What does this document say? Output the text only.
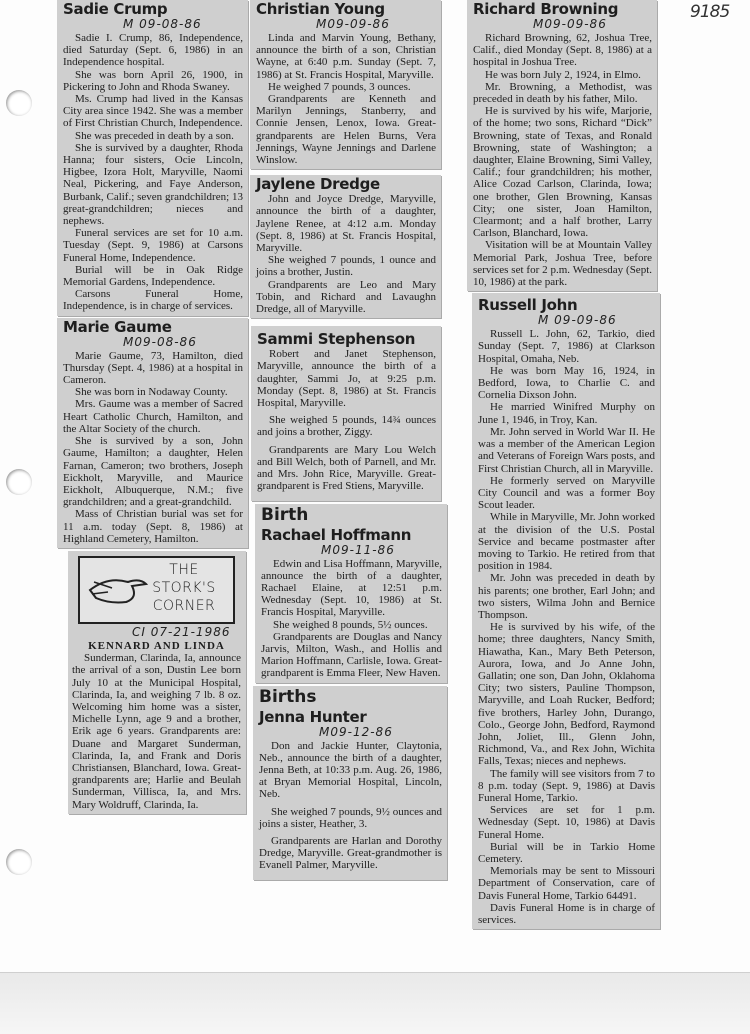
9185
Sadie Crump
M 09-08-86

Sadie I. Crump, 86, Independence, died Saturday (Sept. 6, 1986) in an Independence hospital.

She was born April 26, 1900, in Pickering to John and Rhoda Swaney.

Ms. Crump had lived in the Kansas City area since 1942. She was a member of First Christian Church, Independence.

She was preceded in death by a son.

She is survived by a daughter, Rhoda Hanna; four sisters, Ocie Lincoln, Higbee, Izora Holt, Maryville, Naomi Neal, Pickering, and Faye Anderson, Burbank, Calif.; seven grandchildren; 13 great-grandchildren; nieces and nephews.

Funeral services are set for 10 a.m. Tuesday (Sept. 9, 1986) at Carsons Funeral Home, Independence.

Burial will be in Oak Ridge Memorial Gardens, Independence.

Carsons Funeral Home, Independence, is in charge of services.

Marie Gaume
M09-08-86

Marie Gaume, 73, Hamilton, died Thursday (Sept. 4, 1986) at a hospital in Cameron.

She was born in Nodaway County.

Mrs. Gaume was a member of Sacred Heart Catholic Church, Hamilton, and the Altar Society of the church.

She is survived by a son, John Gaume, Hamilton; a daughter, Helen Farnan, Cameron; two brothers, Joseph Eickholt, Maryville, and Maurice Eickholt, Albuquerque, N.M.; five grandchildren; and a great-grandchild.

Mass of Christian burial was set for 11 a.m. today (Sept. 8, 1986) at Highland Cemetery, Hamilton.

THE STORK'S CORNER
CI 07-21-1986

KENNARD AND LINDA

Sunderman, Clarinda, Ia, announce the arrival of a son, Dustin Lee born July 10 at the Municipal Hospital, Clarinda, Ia, and weighing 7 lb. 8 oz. Welcoming him home was a sister, Michelle Lynn, age 9 and a brother, Erik age 6 years. Grandparents are: Duane and Margaret Sunderman, Clarinda, Ia, and Frank and Doris Christiansen, Blanchard, Iowa. Great-grandparents are; Harlie and Beulah Sunderman, Villisca, Ia, and Mrs. Mary Woldruff, Clarinda, Ia.

Christian Young
M09-09-86

Linda and Marvin Young, Bethany, announce the birth of a son, Christian Wayne, at 6:40 p.m. Sunday (Sept. 7, 1986) at St. Francis Hospital, Maryville.

He weighed 7 pounds, 3 ounces.

Grandparents are Kenneth and Marilyn Jennings, Stanberry, and Connie Jensen, Lenox, Iowa. Great-grandparents are Helen Burns, Vera Jennings, Wayne Jennings and Darlene Winslow.

Jaylene Dredge

John and Joyce Dredge, Maryville, announce the birth of a daughter, Jaylene Renee, at 4:12 a.m. Monday (Sept. 8, 1986) at St. Francis Hospital, Maryville.

She weighed 7 pounds, 1 ounce and joins a brother, Justin.

Grandparents are Leo and Mary Tobin, and Richard and Lavaughn Dredge, all of Maryville.

Sammi Stephenson

Robert and Janet Stephenson, Maryville, announce the birth of a daughter, Sammi Jo, at 9:25 p.m. Monday (Sept. 8, 1986) at St. Francis Hospital, Maryville.

She weighed 5 pounds, 14¾ ounces and joins a brother, Ziggy.

Grandparents are Mary Lou Welch and Bill Welch, both of Parnell, and Mr. and Mrs. John Rice, Maryville. Great-grandparent is Fred Stiens, Maryville.

Birth
Rachael Hoffmann
M09-11-86

Edwin and Lisa Hoffmann, Maryville, announce the birth of a daughter, Rachael Elaine, at 12:51 p.m. Wednesday (Sept. 10, 1986) at St. Francis Hospital, Maryville.

She weighed 8 pounds, 5½ ounces.

Grandparents are Douglas and Nancy Jarvis, Milton, Wash., and Hollis and Marion Hoffmann, Carlisle, Iowa. Great-grandparent is Emma Fleer, New Haven.

Births
Jenna Hunter
M09-12-86

Don and Jackie Hunter, Claytonia, Neb., announce the birth of a daughter, Jenna Beth, at 10:33 p.m. Aug. 26, 1986, at Bryan Memorial Hospital, Lincoln, Neb.

She weighed 7 pounds, 9½ ounces and joins a sister, Heather, 3.

Grandparents are Harlan and Dorothy Dredge, Maryville. Great-grandmother is Evanell Palmer, Maryville.

Richard Browning
M09-09-86

Richard Browning, 62, Joshua Tree, Calif., died Monday (Sept. 8, 1986) at a hospital in Joshua Tree.

He was born July 2, 1924, in Elmo.

Mr. Browning, a Methodist, was preceded in death by his father, Milo.

He is survived by his wife, Marjorie, of the home; two sons, Richard “Dick” Browning, state of Texas, and Ronald Browning, state of Washington; a daughter, Elaine Browning, Simi Valley, Calif.; four grandchildren; his mother, Alice Cozad Carlson, Clarinda, Iowa; one brother, Glen Browning, Kansas City; one sister, Joan Hamilton, Clearmont; and a half brother, Larry Carlson, Blanchard, Iowa.

Visitation will be at Mountain Valley Memorial Park, Joshua Tree, before services set for 2 p.m. Wednesday (Sept. 10, 1986) at the park.

Russell John
M 09-09-86

Russell L. John, 62, Tarkio, died Sunday (Sept. 7, 1986) at Clarkson Hospital, Omaha, Neb.

He was born May 16, 1924, in Bedford, Iowa, to Charlie C. and Cornelia Dixson John.

He married Winifred Murphy on June 1, 1946, in Troy, Kan.

Mr. John served in World War II. He was a member of the American Legion and Veterans of Foreign Wars posts, and First Christian Church, all in Maryville.

He formerly served on Maryville City Council and was a former Boy Scout leader.

While in Maryville, Mr. John worked at the division of the U.S. Postal Service and became postmaster after moving to Tarkio. He retired from that position in 1984.

Mr. John was preceded in death by his parents; one brother, Earl John; and two sisters, Wilma John and Bernice Thompson.

He is survived by his wife, of the home; three daughters, Nancy Smith, Hiawatha, Kan., Mary Beth Peterson, Aurora, Iowa, and Jo Anne John, Gallatin; one son, Dan John, Oklahoma City; two sisters, Pauline Thompson, Maryville, and Loah Rucker, Bedford; five brothers, Harley John, Durango, Colo., George John, Bedford, Raymond John, Joliet, Ill., Glenn John, Richmond, Va., and Rex John, Wichita Falls, Texas; nieces and nephews.

The family will see visitors from 7 to 8 p.m. today (Sept. 9, 1986) at Davis Funeral Home, Tarkio.

Services are set for 1 p.m. Wednesday (Sept. 10, 1986) at Davis Funeral Home.

Burial will be in Tarkio Home Cemetery.

Memorials may be sent to Missouri Department of Conservation, care of Davis Funeral Home, Tarkio 64491.

Davis Funeral Home is in charge of services.
